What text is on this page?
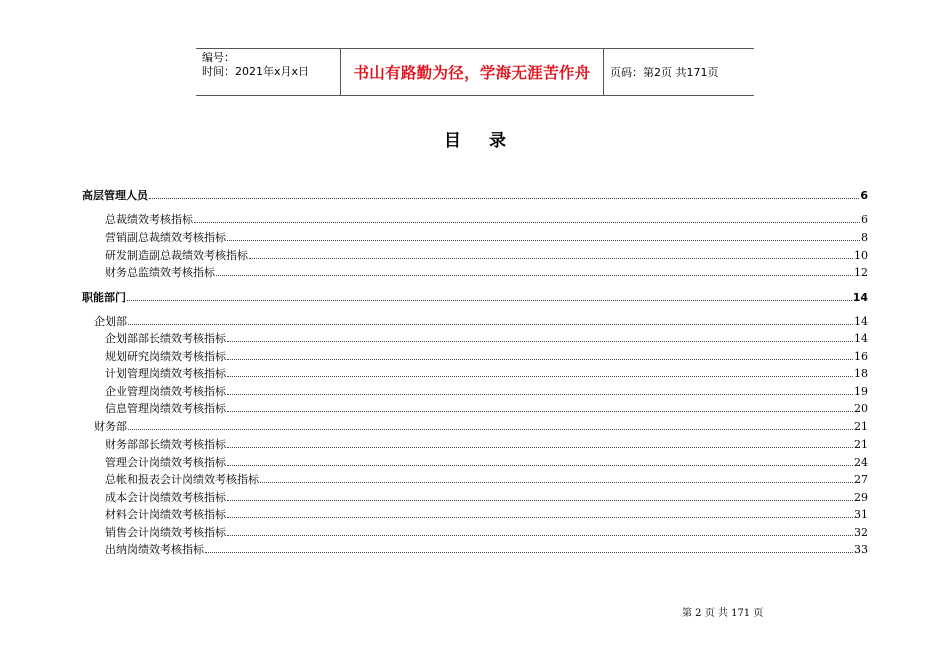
编号：
时间：2021年x月x日	书山有路勤为径，学海无涯苦作舟	页码：第2页 共171页
目录
高层管理人员	6
总裁绩效考核指标	6
营销副总裁绩效考核指标	8
研发制造副总裁绩效考核指标	10
财务总监绩效考核指标	12
职能部门	14
企划部	14
企划部部长绩效考核指标	14
规划研究岗绩效考核指标	16
计划管理岗绩效考核指标	18
企业管理岗绩效考核指标	19
信息管理岗绩效考核指标	20
财务部	21
财务部部长绩效考核指标	21
管理会计岗绩效考核指标	24
总帐和报表会计岗绩效考核指标	27
成本会计岗绩效考核指标	29
材料会计岗绩效考核指标	31
销售会计岗绩效考核指标	32
出纳岗绩效考核指标	33
第 2 页 共 171 页
